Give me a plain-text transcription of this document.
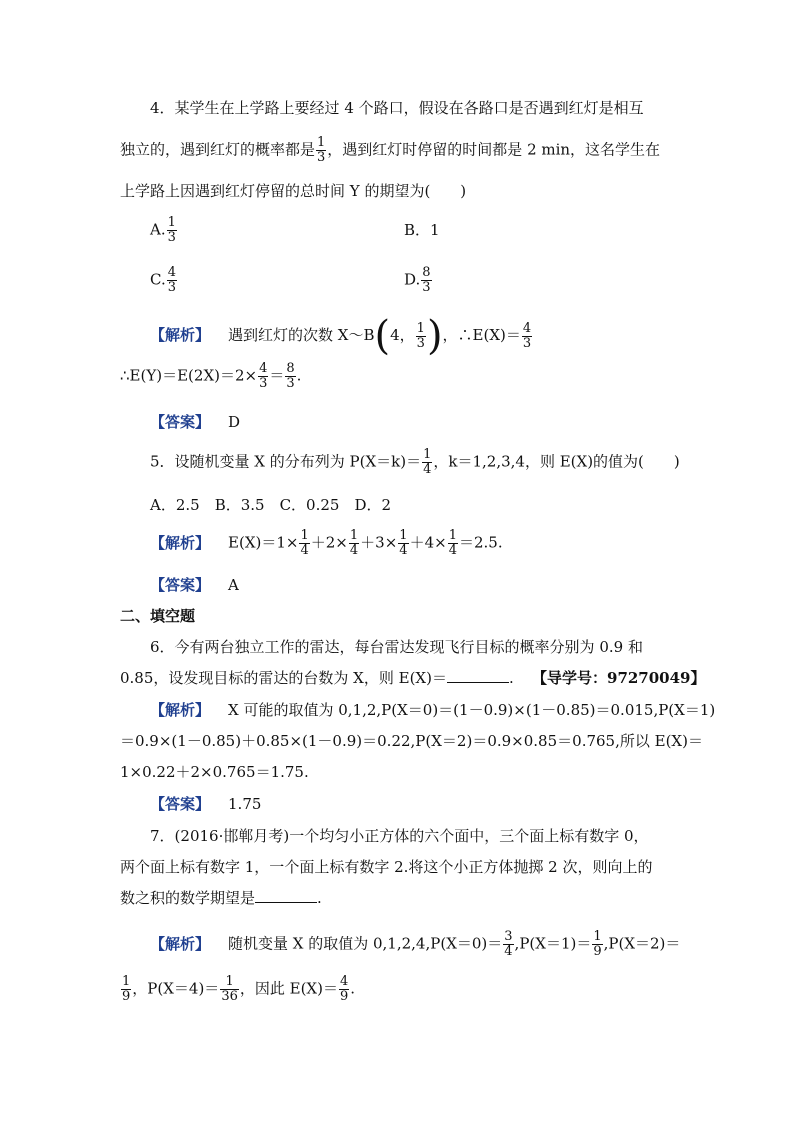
4．某学生在上学路上要经过 4 个路口，假设在各路口是否遇到红灯是相互
独立的，遇到红灯的概率都是 $\frac{1}{3}$ ，遇到红灯时停留的时间都是 2 min，这名学生在
上学路上因遇到红灯停留的总时间 Y 的期望为(　　)
A. $\frac{1}{3}$	B．1
C. $\frac{4}{3}$	D. $\frac{8}{3}$
【解析】 遇到红灯的次数 X～B(4， $\frac{1}{3}$ )，∴E(X)＝ $\frac{4}{3}$
∴E(Y)＝E(2X)＝2× $\frac{4}{3} = \frac{8}{3}$ .
【答案】 D
5．设随机变量 X 的分布列为 $P(X=k)= \frac{1}{4}$ ，k＝1,2,3,4，则 E(X)的值为(　　)
A．2.5　B．3.5　C．0.25　D．2
【解析】 $E(X)=1\times \frac{1}{4} +2\times \frac{1}{4} +3\times \frac{1}{4} +4\times \frac{1}{4} =2.5$.
【答案】 A
二、填空题
6．今有两台独立工作的雷达，每台雷达发现飞行目标的概率分别为 0.9 和
0.85，设发现目标的雷达的台数为 X，则 E(X)＝	. 【导学号：97270049】
【解析】 X 可能的取值为 0,1,2,P(X＝0)＝(1－0.9)×(1－0.85)＝0.015,P(X＝1)
＝0.9×(1－0.85)＋0.85×(1－0.9)＝0.22,P(X＝2)＝0.9×0.85＝0.765,所以 E(X)＝
1×0.22＋2×0.765＝1.75.
【答案】 1.75
7．(2016·邯郸月考)一个均匀小正方体的六个面中，三个面上标有数字 0，
两个面上标有数字 1，一个面上标有数字 2.将这个小正方体抛掷 2 次，则向上的
数之积的数学期望是	.
【解析】 随机变量 X 的取值为 $0,1,2,4,P(X=0)= \frac{3}{4} ,P(X=1)= \frac{1}{9} ,P(X=2)=$
$\frac{1}{9}$ ，$P(X=4)= \frac{1}{36}$ ，因此 $E(X)= \frac{4}{9}$ .
